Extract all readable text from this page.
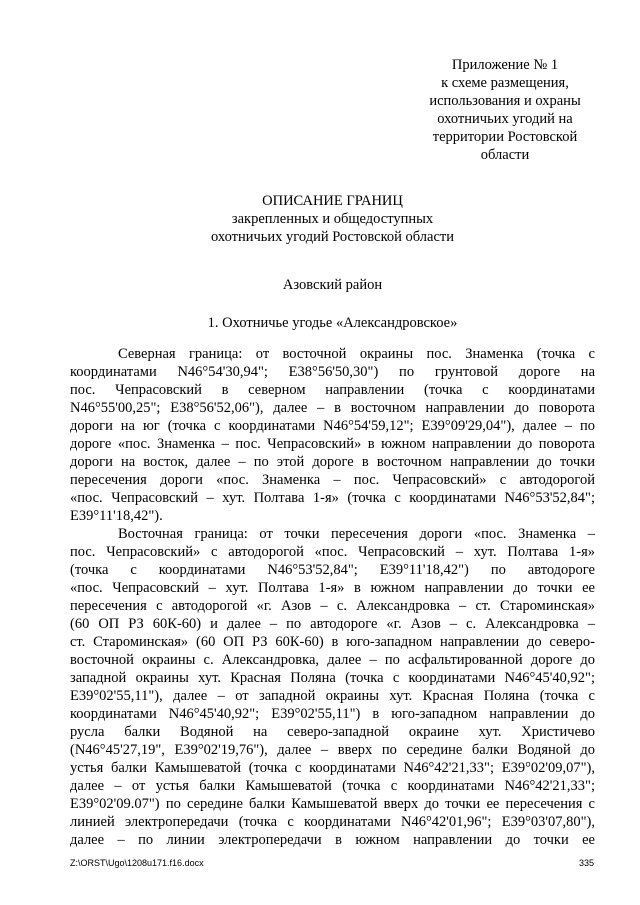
Приложение № 1
к схеме размещения,
использования и охраны
охотничьих угодий на
территории Ростовской
области
ОПИСАНИЕ ГРАНИЦ
закрепленных и общедоступных
охотничьих угодий Ростовской области
Азовский район
1. Охотничье угодье «Александровское»
Северная граница: от восточной окраины пос. Знаменка (точка с
координатами N46°54'30,94"; E38°56'50,30") по грунтовой дороге на
пос. Чепрасовский в северном направлении (точка с координатами
N46°55'00,25"; E38°56'52,06"), далее – в восточном направлении до поворота
дороги на юг (точка с координатами N46°54'59,12"; E39°09'29,04"), далее – по
дороге «пос. Знаменка – пос. Чепрасовский» в южном направлении до поворота
дороги на восток, далее – по этой дороге в восточном направлении до точки
пересечения дороги «пос. Знаменка – пос. Чепрасовский» с автодорогой
«пос. Чепрасовский – хут. Полтава 1-я» (точка с координатами N46°53'52,84";
E39°11'18,42").
Восточная граница: от точки пересечения дороги «пос. Знаменка –
пос. Чепрасовский» с автодорогой «пос. Чепрасовский – хут. Полтава 1-я»
(точка с координатами N46°53'52,84"; E39°11'18,42") по автодороге
«пос. Чепрасовский – хут. Полтава 1-я» в южном направлении до точки ее
пересечения с автодорогой «г. Азов – с. Александровка – ст. Староминская»
(60 ОП РЗ 60К-60) и далее – по автодороге «г. Азов – с. Александровка –
ст. Староминская» (60 ОП РЗ 60К-60) в юго-западном направлении до северо-
восточной окраины с. Александровка, далее – по асфальтированной дороге до
западной окраины хут. Красная Поляна (точка с координатами N46°45'40,92";
E39°02'55,11"), далее – от западной окраины хут. Красная Поляна (точка с
координатами N46°45'40,92"; E39°02'55,11") в юго-западном направлении до
русла балки Водяной на северо-западной окраине хут. Христичево
(N46°45'27,19", E39°02'19,76"), далее – вверх по середине балки Водяной до
устья балки Камышеватой (точка с координатами N46°42'21,33"; E39°02'09,07"),
далее – от устья балки Камышеватой (точка с координатами N46°42'21,33";
E39°02'09.07") по середине балки Камышеватой вверх до точки ее пересечения с
линией электропередачи (точка с координатами N46°42'01,96"; E39°03'07,80"),
далее – по линии электропередачи в южном направлении до точки ее
Z:\ORST\Ugo\1208u171.f16.docx	335
